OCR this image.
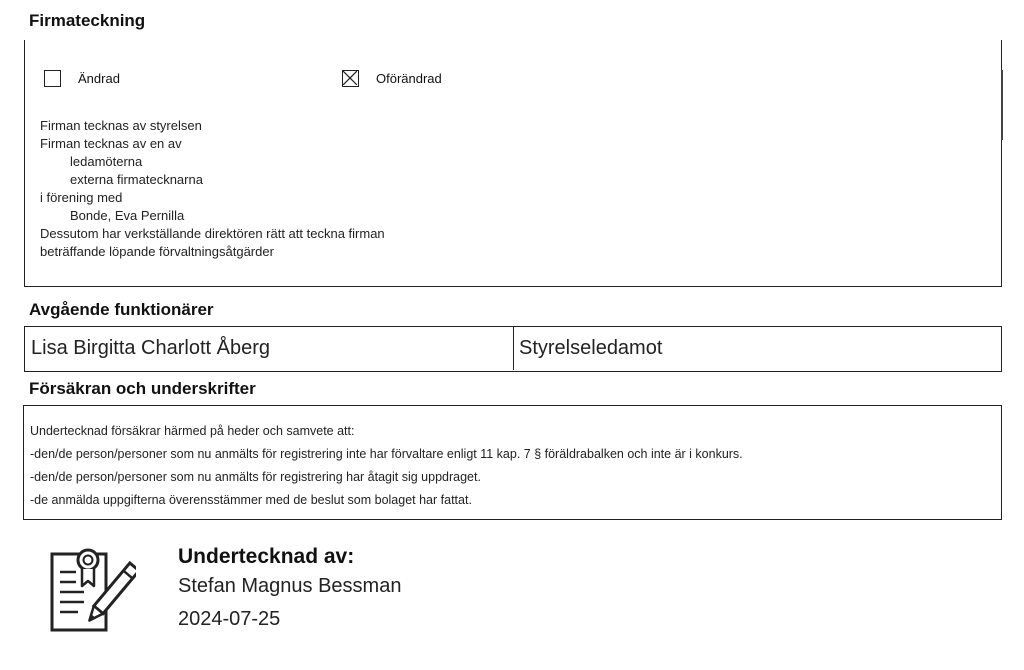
Firmateckning
Ändrad	Oförändrad
Firman tecknas av styrelsen
Firman tecknas av en av
ledamöterna
externa firmatecknarna
i förening med
Bonde, Eva Pernilla
Dessutom har verkställande direktören rätt att teckna firman
beträffande löpande förvaltningsåtgärder
Avgående funktionärer
Lisa Birgitta Charlott Åberg	Styrelseledamot
Försäkran och underskrifter
Undertecknad försäkrar härmed på heder och samvete att:
-den/de person/personer som nu anmälts för registrering inte har förvaltare enligt 11 kap. 7 § föräldrabalken och inte är i konkurs.
-den/de person/personer som nu anmälts för registrering har åtagit sig uppdraget.
-de anmälda uppgifterna överensstämmer med de beslut som bolaget har fattat.
Undertecknad av:
Stefan Magnus Bessman
2024-07-25
